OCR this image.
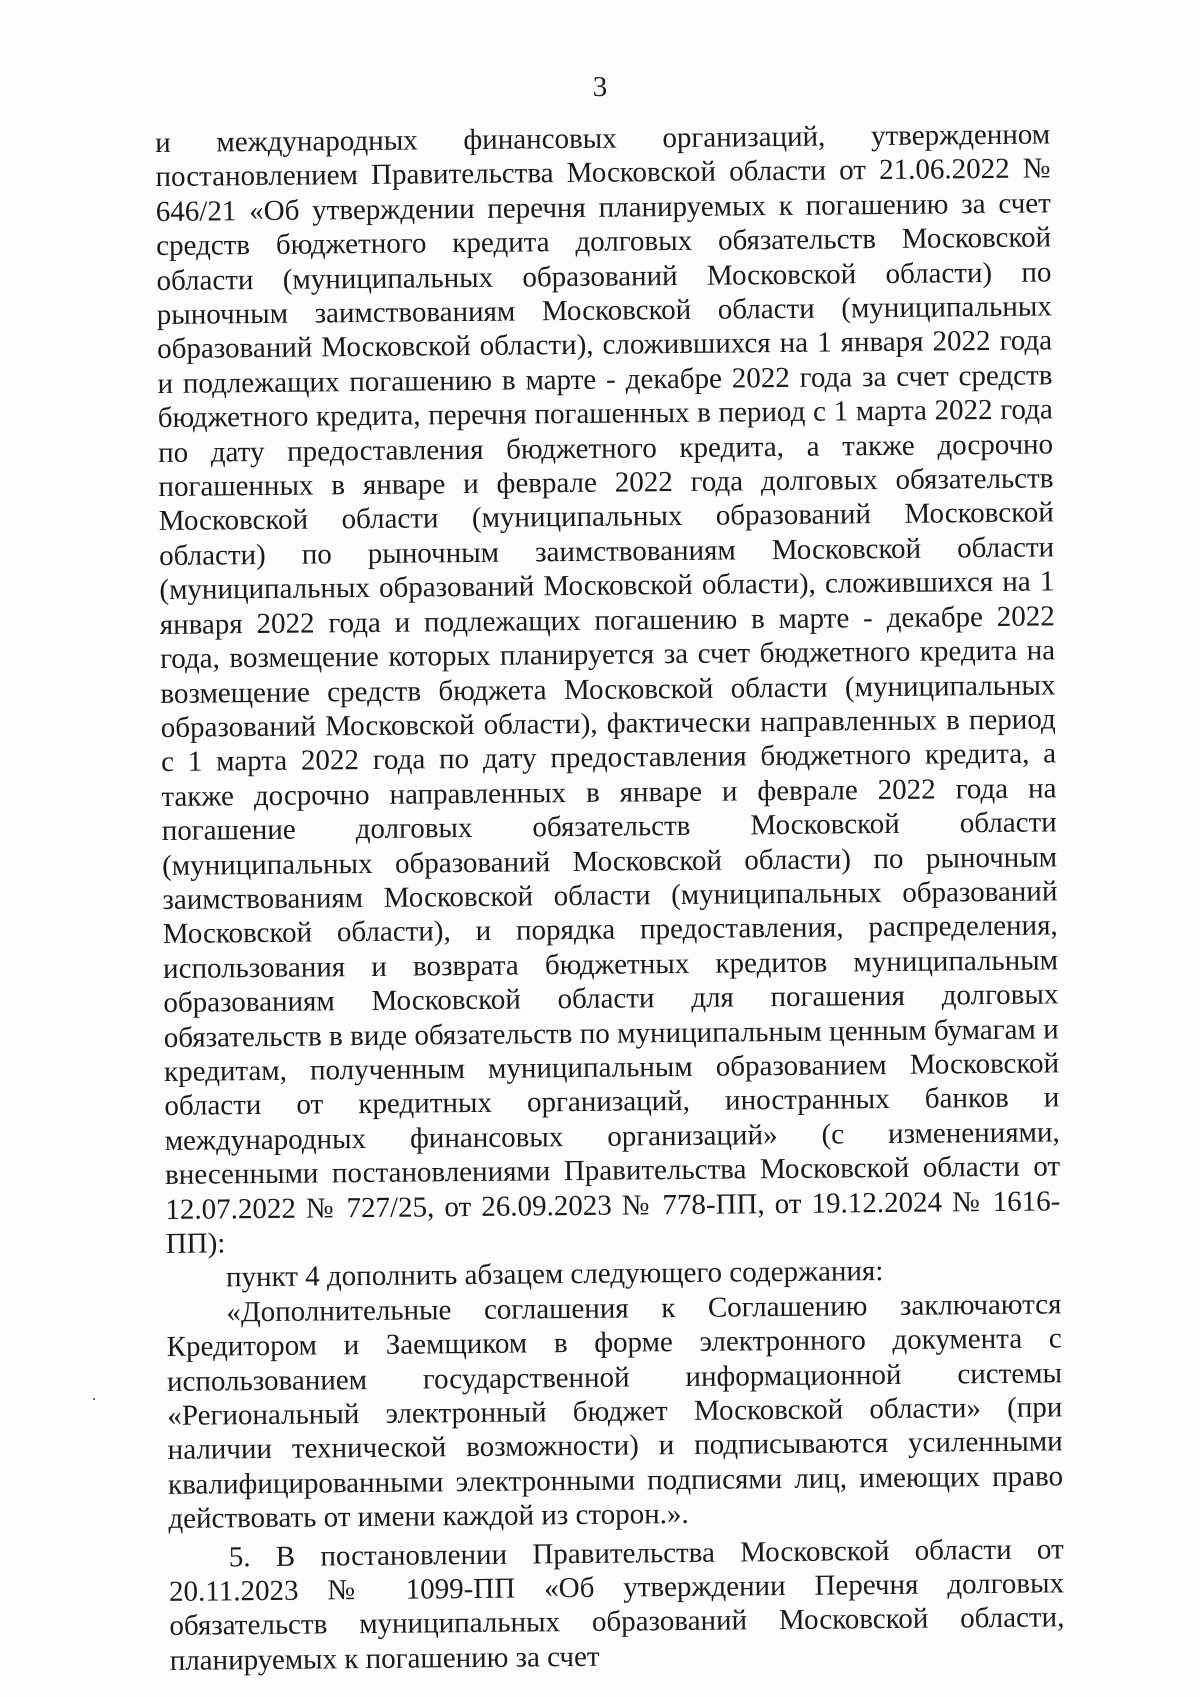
3

и международных финансовых организаций, утвержденном постановлением Правительства Московской области от 21.06.2022 № 646/21 «Об утверждении перечня планируемых к погашению за счет средств бюджетного кредита долговых обязательств Московской области (муниципальных образований Московской области) по рыночным заимствованиям Московской области (муниципальных образований Московской области), сложившихся на 1 января 2022 года и подлежащих погашению в марте - декабре 2022 года за счет средств бюджетного кредита, перечня погашенных в период с 1 марта 2022 года по дату предоставления бюджетного кредита, а также досрочно погашенных в январе и феврале 2022 года долговых обязательств Московской области (муниципальных образований Московской области) по рыночным заимствованиям Московской области (муниципальных образований Московской области), сложившихся на 1 января 2022 года и подлежащих погашению в марте - декабре 2022 года, возмещение которых планируется за счет бюджетного кредита на возмещение средств бюджета Московской области (муниципальных образований Московской области), фактически направленных в период с 1 марта 2022 года по дату предоставления бюджетного кредита, а также досрочно направленных в январе и феврале 2022 года на погашение долговых обязательств Московской области (муниципальных образований Московской области) по рыночным заимствованиям Московской области (муниципальных образований Московской области), и порядка предоставления, распределения, использования и возврата бюджетных кредитов муниципальным образованиям Московской области для погашения долговых обязательств в виде обязательств по муниципальным ценным бумагам и кредитам, полученным муниципальным образованием Московской области от кредитных организаций, иностранных банков и международных финансовых организаций» (с изменениями, внесенными постановлениями Правительства Московской области от 12.07.2022 № 727/25, от 26.09.2023 № 778-ПП, от 19.12.2024 № 1616-ПП):

пункт 4 дополнить абзацем следующего содержания:

«Дополнительные соглашения к Соглашению заключаются Кредитором и Заемщиком в форме электронного документа с использованием государственной информационной системы «Региональный электронный бюджет Московской области» (при наличии технической возможности) и подписываются усиленными квалифицированными электронными подписями лиц, имеющих право действовать от имени каждой из сторон.».

5. В постановлении Правительства Московской области от 20.11.2023 № 1099-ПП «Об утверждении Перечня долговых обязательств муниципальных образований Московской области, планируемых к погашению за счет
